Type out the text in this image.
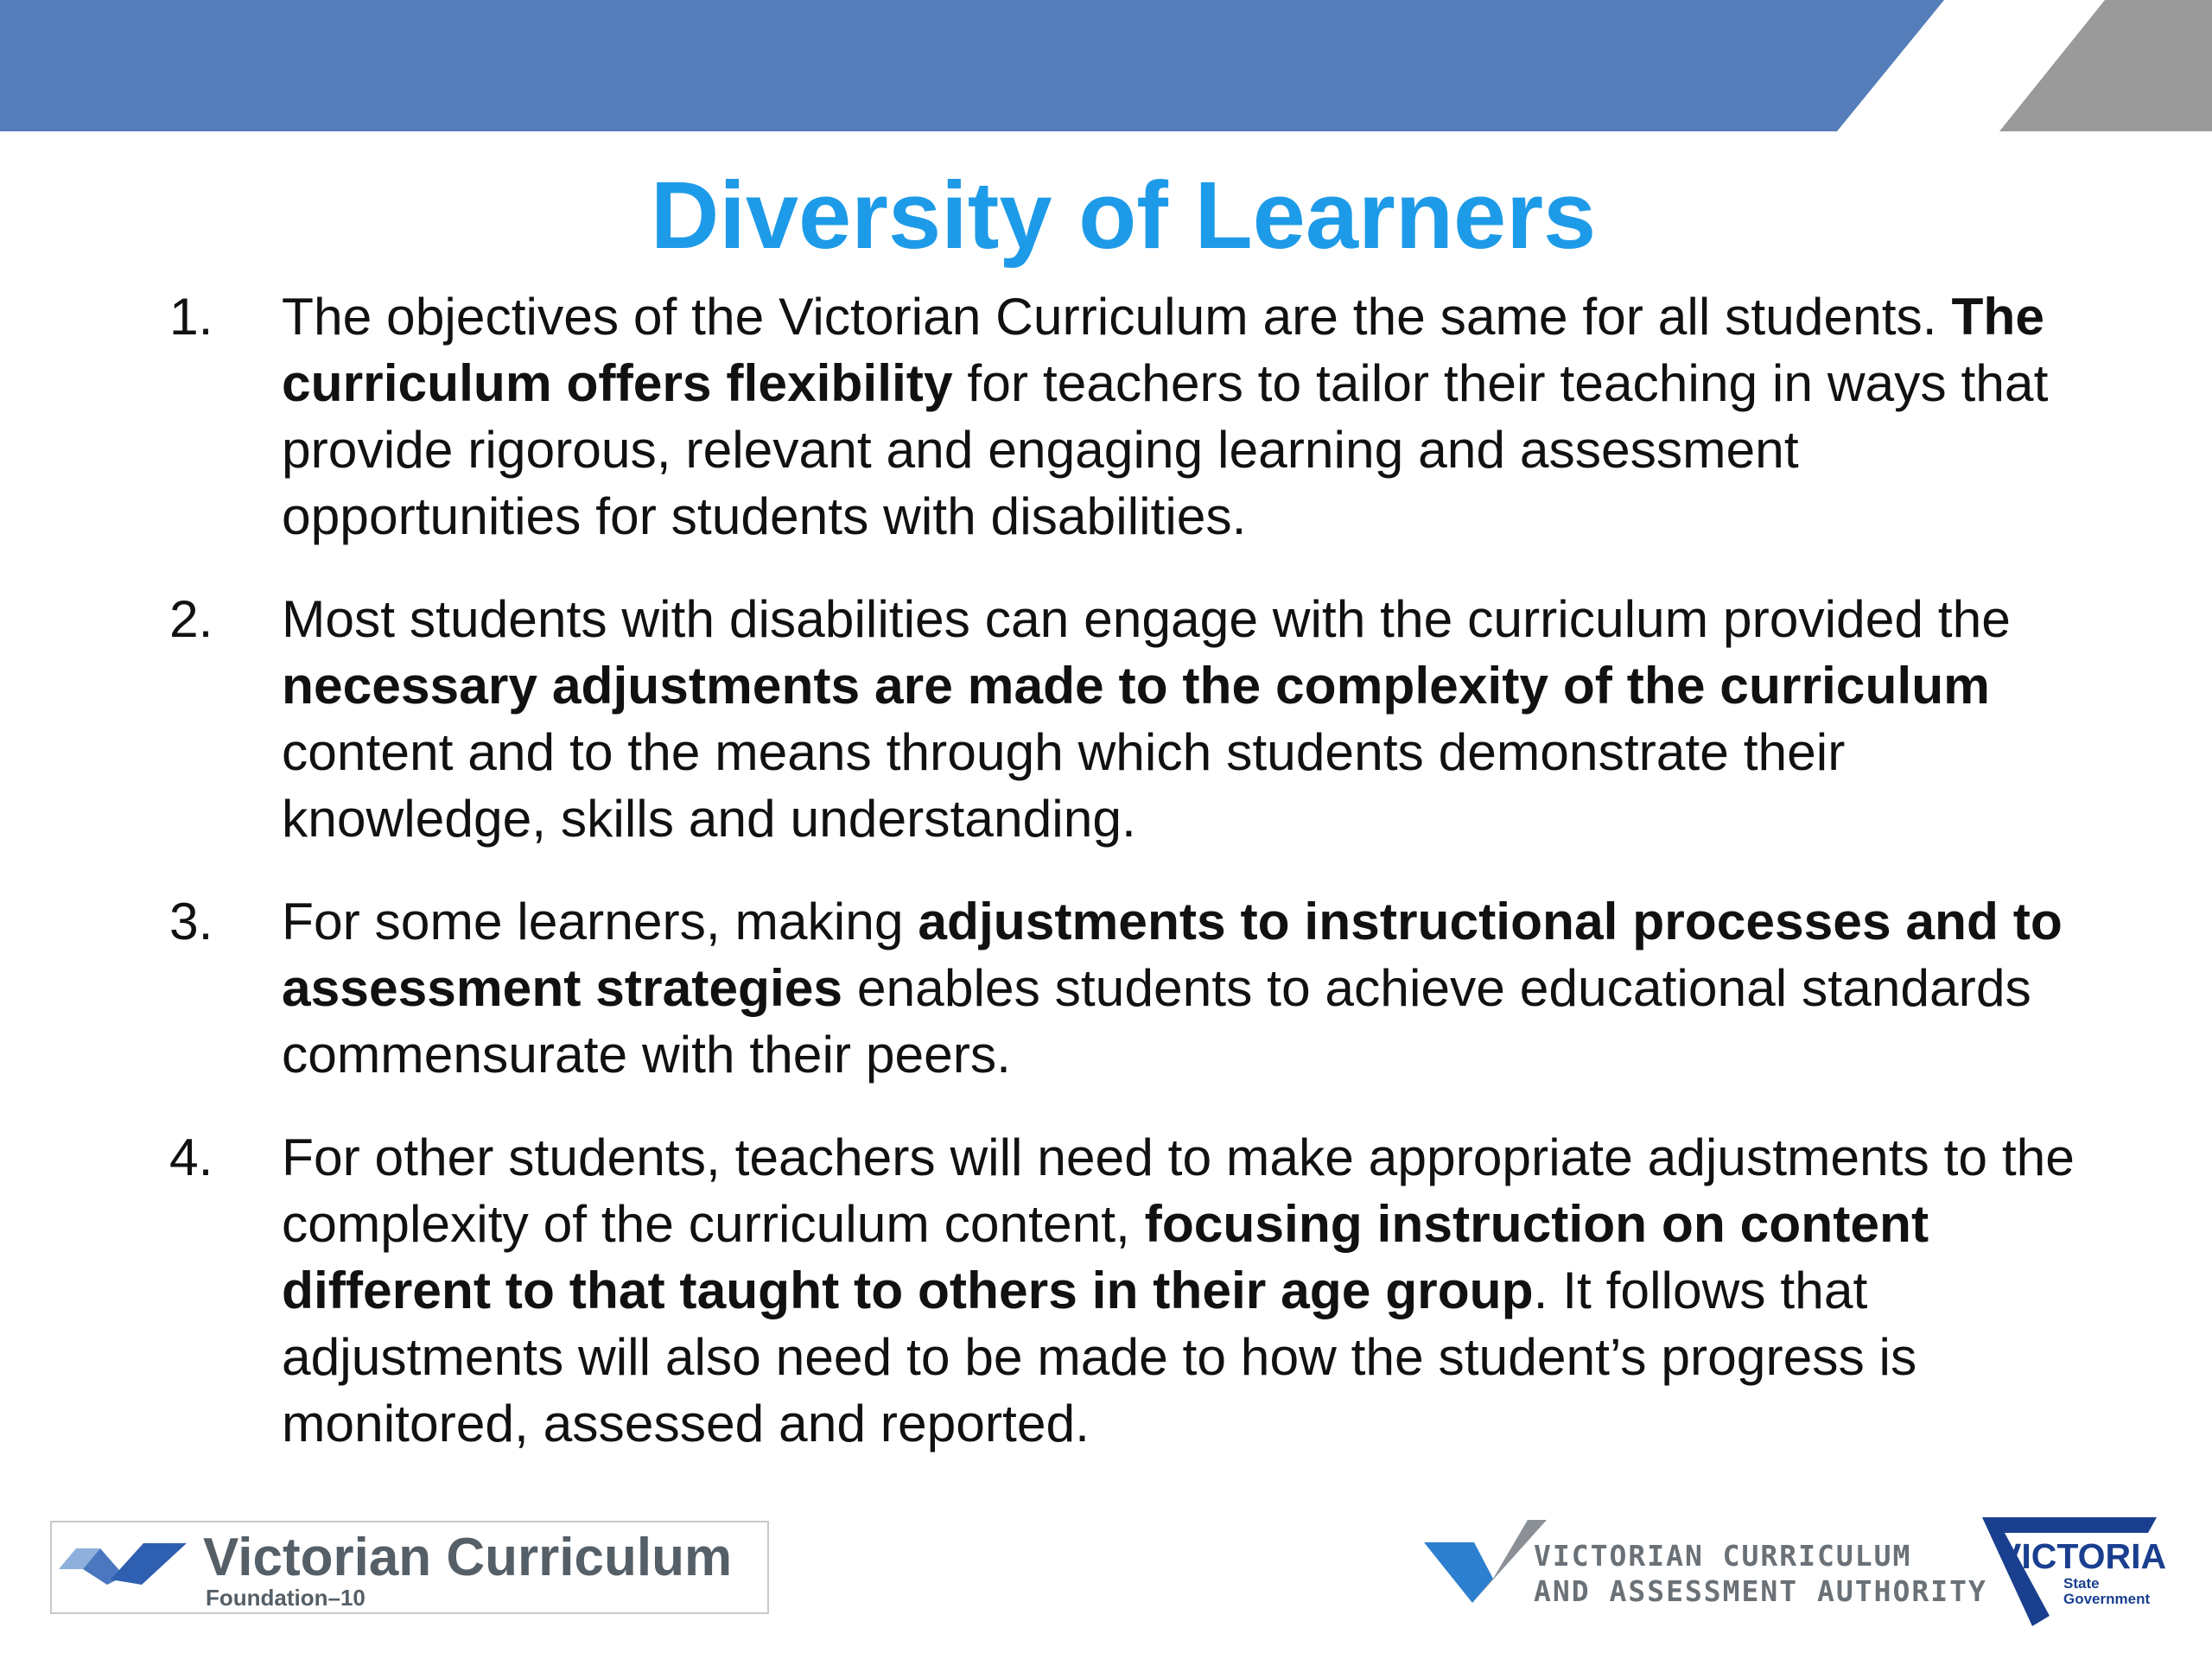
Diversity of Learners
1. The objectives of the Victorian Curriculum are the same for all students. The curriculum offers flexibility for teachers to tailor their teaching in ways that provide rigorous, relevant and engaging learning and assessment opportunities for students with disabilities.
2. Most students with disabilities can engage with the curriculum provided the necessary adjustments are made to the complexity of the curriculum content and to the means through which students demonstrate their knowledge, skills and understanding.
3. For some learners, making adjustments to instructional processes and to assessment strategies enables students to achieve educational standards commensurate with their peers.
4. For other students, teachers will need to make appropriate adjustments to the complexity of the curriculum content, focusing instruction on content different to that taught to others in their age group. It follows that adjustments will also need to be made to how the student’s progress is monitored, assessed and reported.
Victorian Curriculum
Foundation–10
VICTORIAN CURRICULUM
AND ASSESSMENT AUTHORITY
VICTORIA
State
Government
